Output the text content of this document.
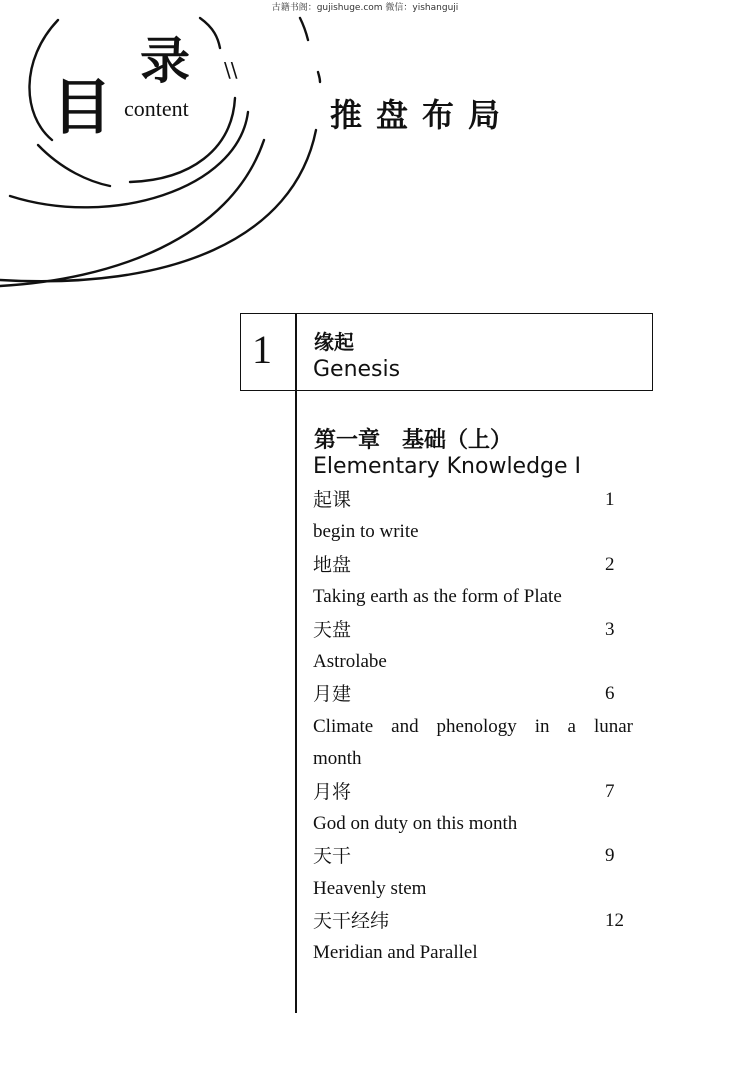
古籍书阁：gujishuge.com 微信：yishanguji
目
录 \\
content	推盘布局
1 缘起
Genesis
第一章　基础（上）
Elementary Knowledge Ⅰ
起课	1
begin to write
地盘	2
Taking earth as the form of Plate
天盘	3
Astrolabe
月建	6
Climate and phenology in a lunar
month
月将	7
God on duty on this month
天干	9
Heavenly stem
天干经纬	12
Meridian and Parallel
